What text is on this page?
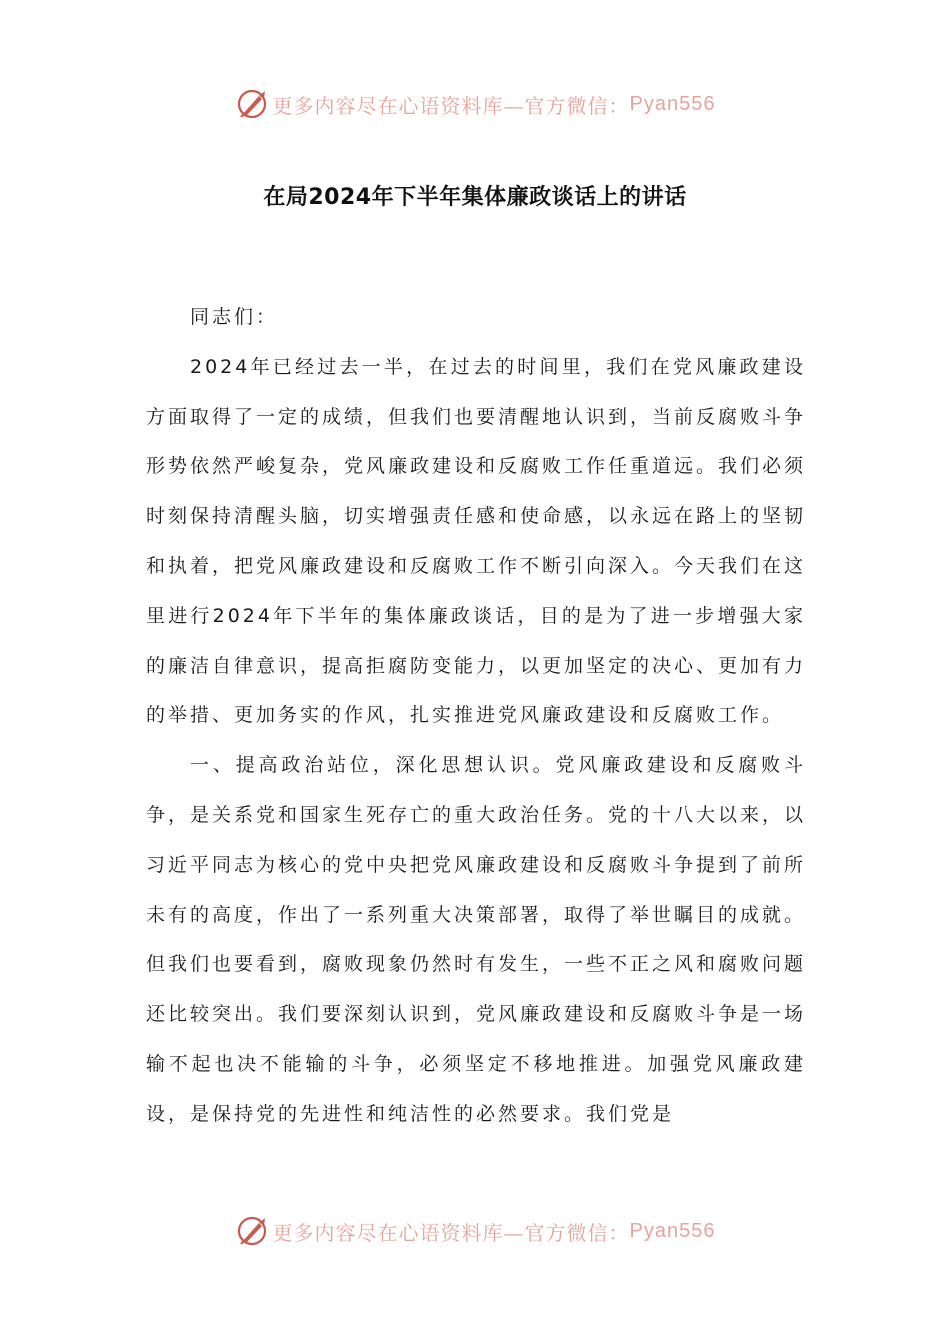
更多内容尽在心语资料库—官方微信： Pyan556
在局2024年下半年集体廉政谈话上的讲话

同志们：

2024年已经过去一半，在过去的时间里，我们在党风廉政建设方面取得了一定的成绩，但我们也要清醒地认识到，当前反腐败斗争形势依然严峻复杂，党风廉政建设和反腐败工作任重道远。我们必须时刻保持清醒头脑，切实增强责任感和使命感，以永远在路上的坚韧和执着，把党风廉政建设和反腐败工作不断引向深入。今天我们在这里进行2024年下半年的集体廉政谈话，目的是为了进一步增强大家的廉洁自律意识，提高拒腐防变能力，以更加坚定的决心、更加有力的举措、更加务实的作风，扎实推进党风廉政建设和反腐败工作。

一、提高政治站位，深化思想认识。党风廉政建设和反腐败斗争，是关系党和国家生死存亡的重大政治任务。党的十八大以来，以习近平同志为核心的党中央把党风廉政建设和反腐败斗争提到了前所未有的高度，作出了一系列重大决策部署，取得了举世瞩目的成就。但我们也要看到，腐败现象仍然时有发生，一些不正之风和腐败问题还比较突出。我们要深刻认识到，党风廉政建设和反腐败斗争是一场输不起也决不能输的斗争，必须坚定不移地推进。加强党风廉政建设，是保持党的先进性和纯洁性的必然要求。我们党是

更多内容尽在心语资料库—官方微信： Pyan556
